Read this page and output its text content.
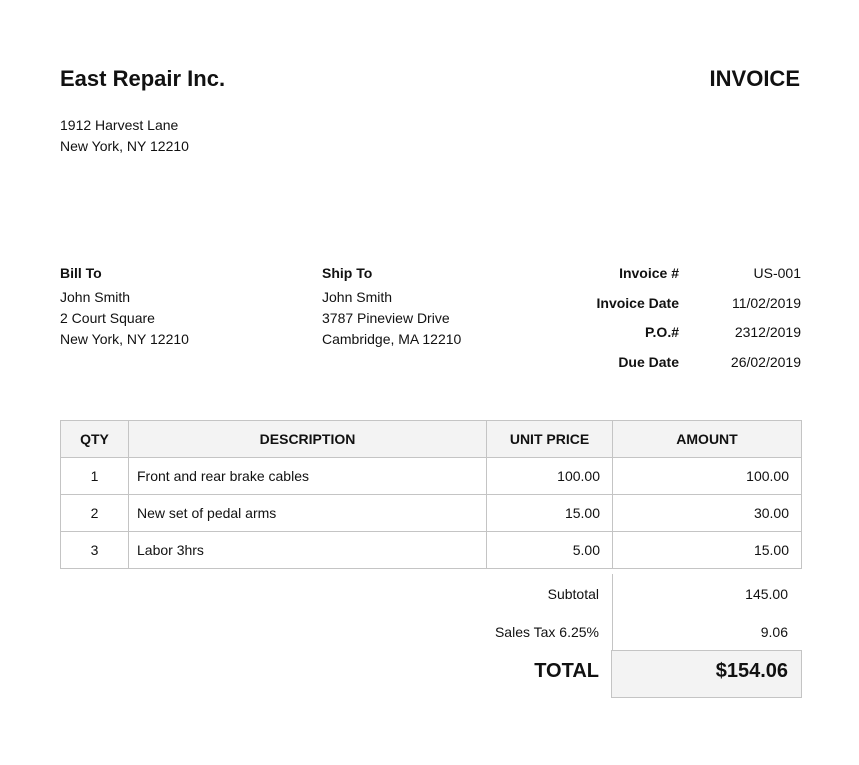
East Repair Inc.	INVOICE
1912 Harvest Lane
New York, NY 12210
Bill To
John Smith
2 Court Square
New York, NY 12210
Ship To
John Smith
3787 Pineview Drive
Cambridge, MA 12210
Invoice #	US-001
Invoice Date	11/02/2019
P.O.#	2312/2019
Due Date	26/02/2019
QTY	DESCRIPTION	UNIT PRICE	AMOUNT
1	Front and rear brake cables	100.00	100.00
2	New set of pedal arms	15.00	30.00
3	Labor 3hrs	5.00	15.00
Subtotal	145.00
Sales Tax 6.25%	9.06
TOTAL	$154.06
